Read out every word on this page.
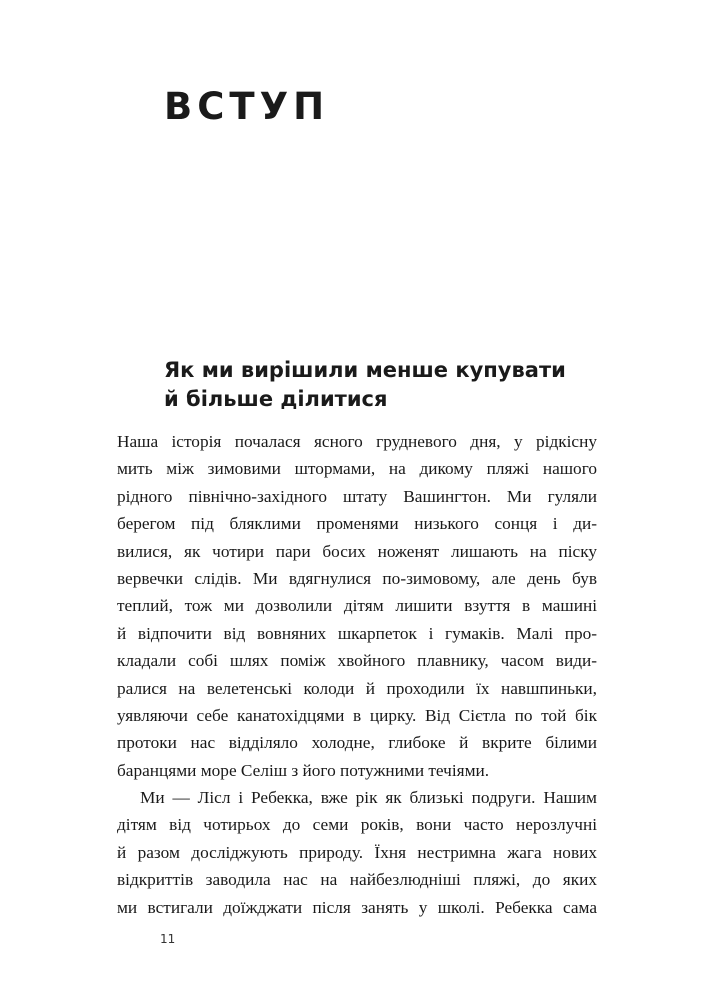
ВСТУП
Як ми вирішили менше купувати
й більше ділитися
Наша історія почалася ясного грудневого дня, у рідкісну
мить між зимовими штормами, на дикому пляжі нашого
рідного північно-західного штату Вашингтон. Ми гуляли
берегом під бляклими променями низького сонця і ди-
вилися, як чотири пари босих ноженят лишають на піску
вервечки слідів. Ми вдягнулися по-зимовому, але день був
теплий, тож ми дозволили дітям лишити взуття в машині
й відпочити від вовняних шкарпеток і гумаків. Малі про-
кладали собі шлях поміж хвойного плавнику, часом види-
ралися на велетенські колоди й проходили їх навшпиньки,
уявляючи себе канатохідцями в цирку. Від Сієтла по той бік
протоки нас відділяло холодне, глибоке й вкрите білими
баранцями море Селіш з його потужними течіями.
Ми — Лісл і Ребекка, вже рік як близькі подруги. Нашим
дітям від чотирьох до семи років, вони часто нерозлучні
й разом досліджують природу. Їхня нестримна жага нових
відкриттів заводила нас на найбезлюдніші пляжі, до яких
ми встигали доїжджати після занять у школі. Ребекка сама
11
